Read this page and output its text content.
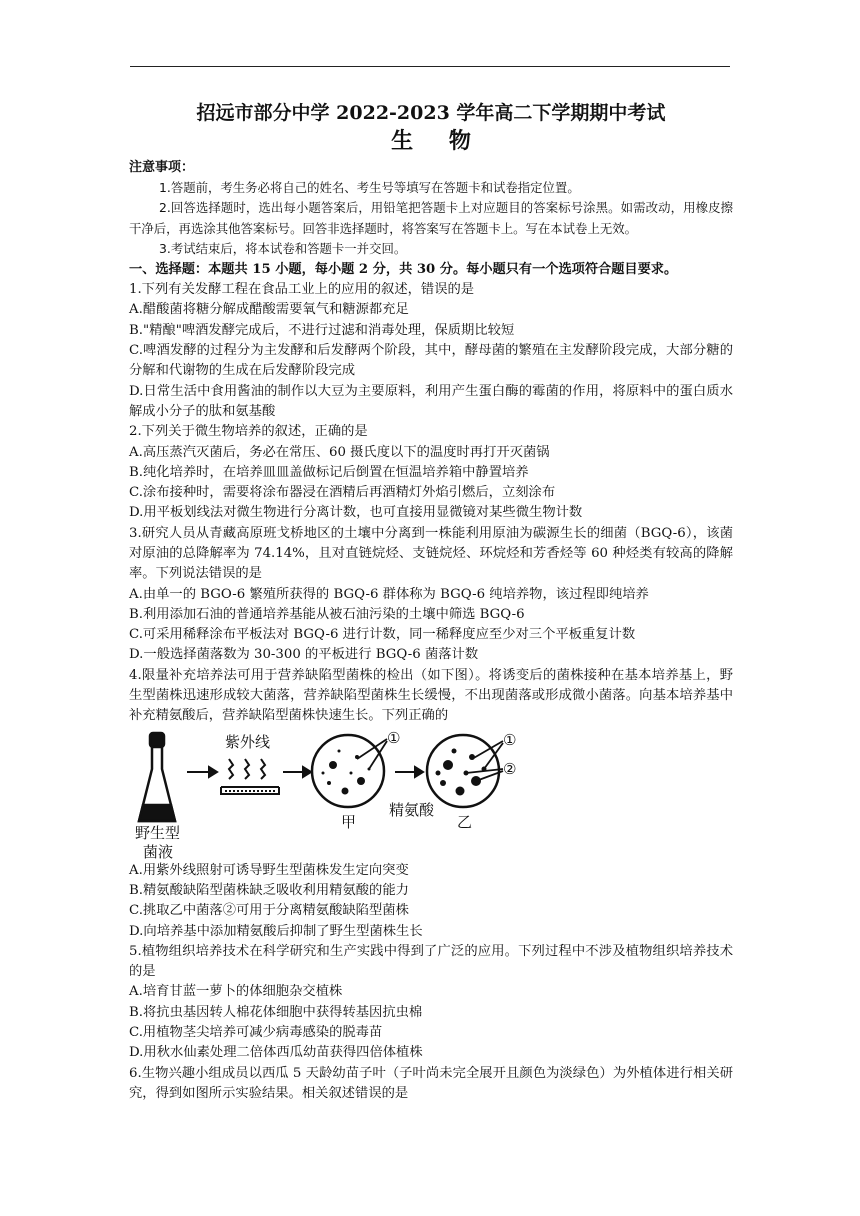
招远市部分中学 2022-2023 学年高二下学期期中考试
生 物

注意事项：

1.答题前，考生务必将自己的姓名、考生号等填写在答题卡和试卷指定位置。

2.回答选择题时，选出每小题答案后，用铅笔把答题卡上对应题目的答案标号涂黑。如需改动，用橡皮擦干净后，再选涂其他答案标号。回答非选择题时，将答案写在答题卡上。写在本试卷上无效。

3.考试结束后，将本试卷和答题卡一并交回。

一、选择题：本题共 15 小题，每小题 2 分，共 30 分。每小题只有一个选项符合题目要求。

1.下列有关发酵工程在食品工业上的应用的叙述，错误的是

A.醋酸菌将糖分解成醋酸需要氧气和糖源都充足

B."精酿"啤酒发酵完成后，不进行过滤和消毒处理，保质期比较短

C.啤酒发酵的过程分为主发酵和后发酵两个阶段，其中，酵母菌的繁殖在主发酵阶段完成，大部分糖的分解和代谢物的生成在后发酵阶段完成

D.日常生活中食用酱油的制作以大豆为主要原料，利用产生蛋白酶的霉菌的作用，将原料中的蛋白质水解成小分子的肽和氨基酸

2.下列关于微生物培养的叙述，正确的是

A.高压蒸汽灭菌后，务必在常压、60 摄氏度以下的温度时再打开灭菌锅

B.纯化培养时，在培养皿皿盖做标记后倒置在恒温培养箱中静置培养

C.涂布接种时，需要将涂布器浸在酒精后再酒精灯外焰引燃后，立刻涂布

D.用平板划线法对微生物进行分离计数，也可直接用显微镜对某些微生物计数

3.研究人员从青藏高原班戈桥地区的土壤中分离到一株能利用原油为碳源生长的细菌（BGQ-6），该菌对原油的总降解率为 74.14%，且对直链烷烃、支链烷烃、环烷烃和芳香烃等 60 种烃类有较高的降解率。下列说法错误的是

A.由单一的 BGO-6 繁殖所获得的 BGQ-6 群体称为 BGQ-6 纯培养物，该过程即纯培养

B.利用添加石油的普通培养基能从被石油污染的土壤中筛选 BGQ-6

C.可采用稀释涂布平板法对 BGQ-6 进行计数，同一稀释度应至少对三个平板重复计数

D.一般选择菌落数为 30-300 的平板进行 BGQ-6 菌落计数

4.限量补充培养法可用于营养缺陷型菌株的检出（如下图）。将诱变后的菌株接种在基本培养基上，野生型菌株迅速形成较大菌落，营养缺陷型菌株生长缓慢，不出现菌落或形成微小菌落。向基本培养基中补充精氨酸后，营养缺陷型菌株快速生长。下列正确的

紫外线
野生型
菌液
甲
精氨酸
乙
①	①
②

A.用紫外线照射可诱导野生型菌株发生定向突变

B.精氨酸缺陷型菌株缺乏吸收利用精氨酸的能力

C.挑取乙中菌落②可用于分离精氨酸缺陷型菌株

D.向培养基中添加精氨酸后抑制了野生型菌株生长

5.植物组织培养技术在科学研究和生产实践中得到了广泛的应用。下列过程中不涉及植物组织培养技术的是

A.培育甘蓝一萝卜的体细胞杂交植株

B.将抗虫基因转人棉花体细胞中获得转基因抗虫棉

C.用植物茎尖培养可减少病毒感染的脱毒苗

D.用秋水仙素处理二倍体西瓜幼苗获得四倍体植株

6.生物兴趣小组成员以西瓜 5 天龄幼苗子叶（子叶尚未完全展开且颜色为淡绿色）为外植体进行相关研究，得到如图所示实验结果。相关叙述错误的是
